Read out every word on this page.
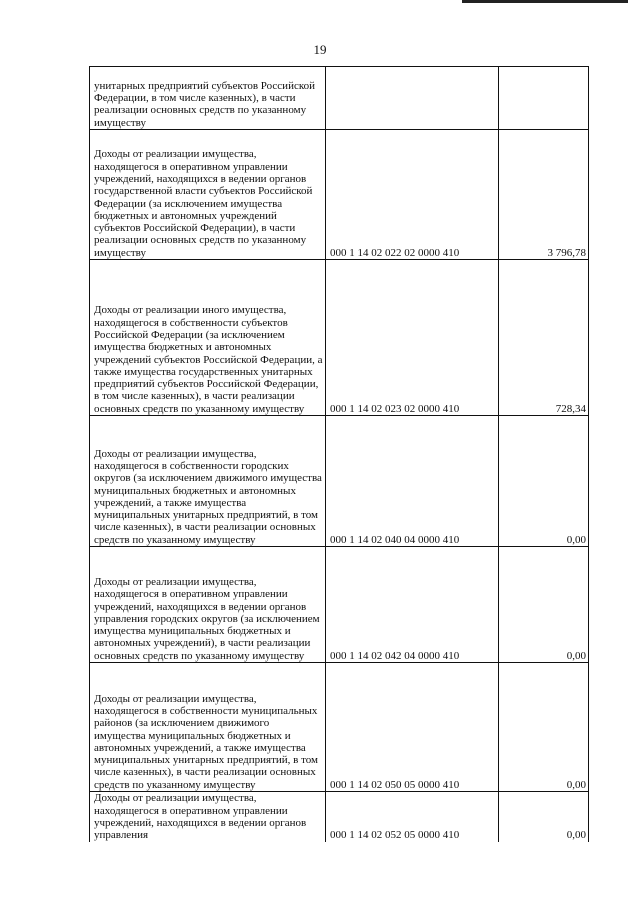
19
унитарных предприятий субъектов Российской Федерации, в том числе казенных), в части реализации основных средств по указанному имуществу		
Доходы от реализации имущества, находящегося в оперативном управлении учреждений, находящихся в ведении органов государственной власти субъектов Российской Федерации (за исключением имущества бюджетных и автономных учреждений субъектов Российской Федерации), в части реализации основных средств по указанному имуществу	000 1 14 02 022 02 0000 410	3 796,78
Доходы от реализации иного имущества, находящегося в собственности субъектов Российской Федерации (за исключением имущества бюджетных и автономных учреждений субъектов Российской Федерации, а также имущества государственных унитарных предприятий субъектов Российской Федерации, в том числе казенных), в части реализации основных средств по указанному имуществу	000 1 14 02 023 02 0000 410	728,34
Доходы от реализации имущества, находящегося в собственности городских округов (за исключением движимого имущества муниципальных бюджетных и автономных учреждений, а также имущества муниципальных унитарных предприятий, в том числе казенных), в части реализации основных средств по указанному имуществу	000 1 14 02 040 04 0000 410	0,00
Доходы от реализации имущества, находящегося в оперативном управлении учреждений, находящихся в ведении органов управления городских округов (за исключением имущества муниципальных бюджетных и автономных учреждений), в части реализации основных средств по указанному имуществу	000 1 14 02 042 04 0000 410	0,00
Доходы от реализации имущества, находящегося в собственности муниципальных районов (за исключением движимого имущества муниципальных бюджетных и автономных учреждений, а также имущества муниципальных унитарных предприятий, в том числе казенных), в части реализации основных средств по указанному имуществу	000 1 14 02 050 05 0000 410	0,00
Доходы от реализации имущества, находящегося в оперативном управлении учреждений, находящихся в ведении органов управления	000 1 14 02 052 05 0000 410	0,00
